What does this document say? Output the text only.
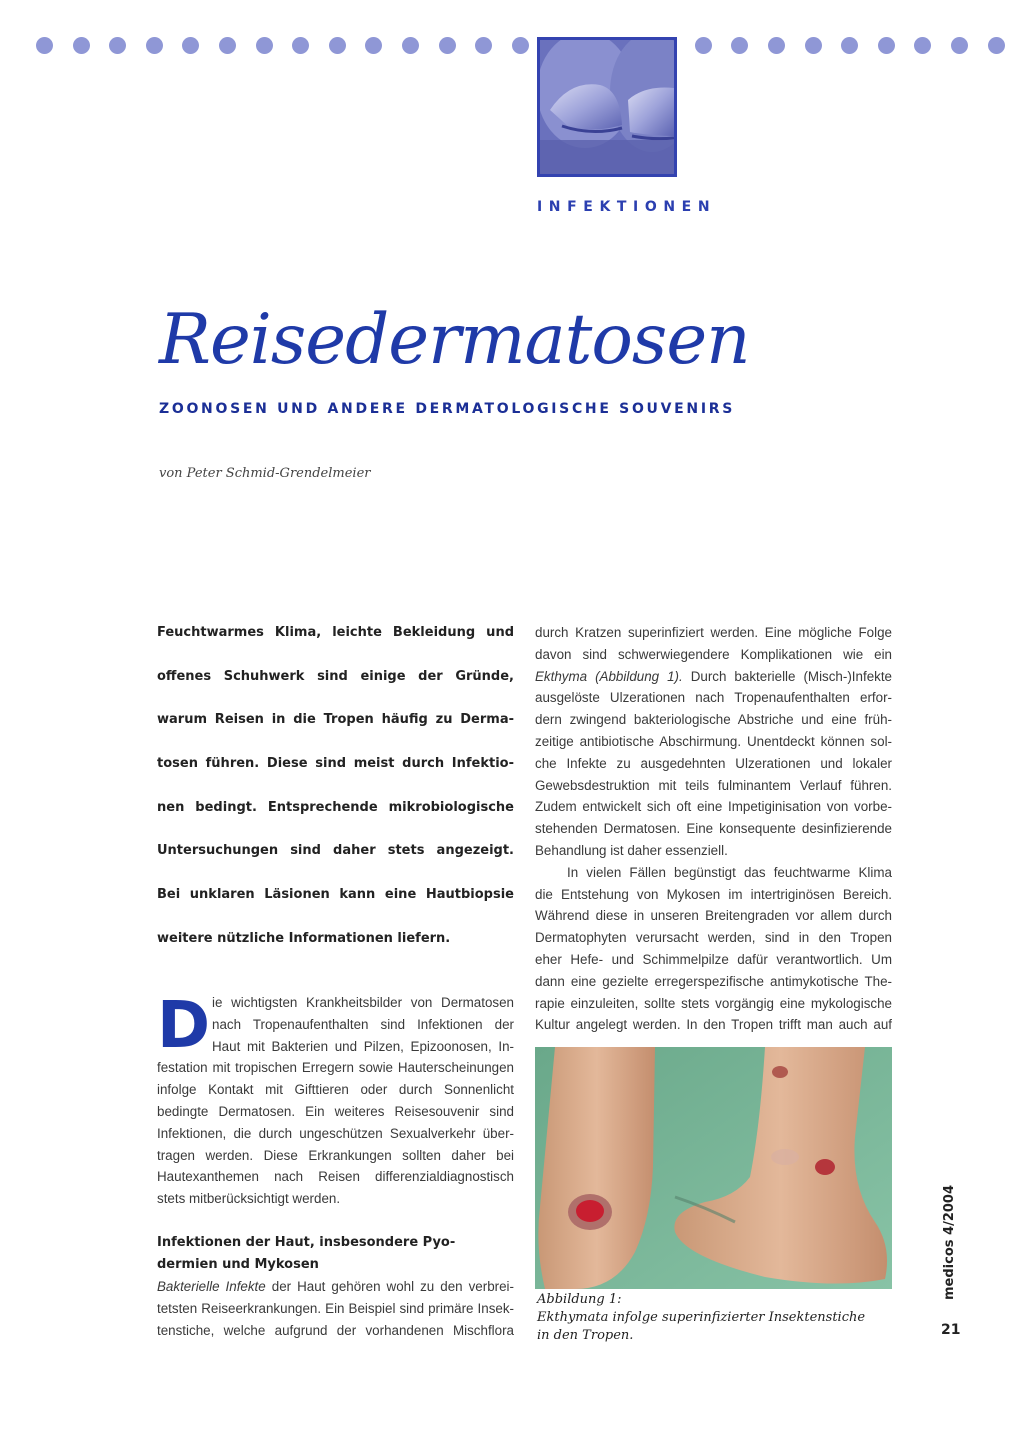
INFEKTIONEN
Reisedermatosen
ZOONOSEN UND ANDERE DERMATOLOGISCHE SOUVENIRS
von Peter Schmid-Grendelmeier
Feuchtwarmes Klima, leichte Bekleidung und
offenes Schuhwerk sind einige der Gründe,
warum Reisen in die Tropen häufig zu Derma-
tosen führen. Diese sind meist durch Infektio-
nen bedingt. Entsprechende mikrobiologische
Untersuchungen sind daher stets angezeigt.
Bei unklaren Läsionen kann eine Hautbiopsie
weitere nützliche Informationen liefern.
D ie wichtigsten Krankheitsbilder von Dermatosen
nach Tropenaufenthalten sind Infektionen der
Haut mit Bakterien und Pilzen, Epizoonosen, In-
festation mit tropischen Erregern sowie Hauterscheinungen
infolge Kontakt mit Gifttieren oder durch Sonnenlicht
bedingte Dermatosen. Ein weiteres Reisesouvenir sind
Infektionen, die durch ungeschützen Sexualverkehr über-
tragen werden. Diese Erkrankungen sollten daher bei
Hautexanthemen nach Reisen differenzialdiagnostisch
stets mitberücksichtigt werden.
Infektionen der Haut, insbesondere Pyo-
dermien und Mykosen
Bakterielle Infekte der Haut gehören wohl zu den verbrei-
tetsten Reiseerkrankungen. Ein Beispiel sind primäre Insek-
tenstiche, welche aufgrund der vorhandenen Mischflora
durch Kratzen superinfiziert werden. Eine mögliche Folge
davon sind schwerwiegendere Komplikationen wie ein
Ekthyma (Abbildung 1). Durch bakterielle (Misch-)Infekte
ausgelöste Ulzerationen nach Tropenaufenthalten erfor-
dern zwingend bakteriologische Abstriche und eine früh-
zeitige antibiotische Abschirmung. Unentdeckt können sol-
che Infekte zu ausgedehnten Ulzerationen und lokaler
Gewebsdestruktion mit teils fulminantem Verlauf führen.
Zudem entwickelt sich oft eine Impetiginisation von vorbe-
stehenden Dermatosen. Eine konsequente desinfizierende
Behandlung ist daher essenziell.
In vielen Fällen begünstigt das feuchtwarme Klima
die Entstehung von Mykosen im intertriginösen Bereich.
Während diese in unseren Breitengraden vor allem durch
Dermatophyten verursacht werden, sind in den Tropen
eher Hefe- und Schimmelpilze dafür verantwortlich. Um
dann eine gezielte erregerspezifische antimykotische The-
rapie einzuleiten, sollte stets vorgängig eine mykologische
Kultur angelegt werden. In den Tropen trifft man auch auf
Abbildung 1:
Ekthymata infolge superinfizierter Insektenstiche
in den Tropen.
medicos 4/2004
21
